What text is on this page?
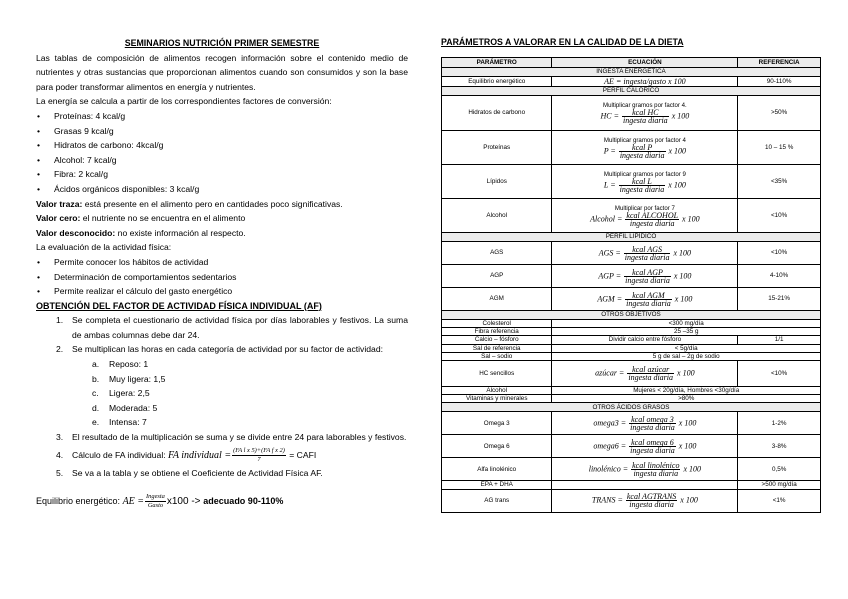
SEMINARIOS NUTRICIÓN PRIMER SEMESTRE
Las tablas de composición de alimentos recogen información sobre el contenido medio de nutrientes y otras sustancias que proporcionan alimentos cuando son consumidos y son la base para poder transformar alimentos en energía y nutrientes.
La energía se calcula a partir de los correspondientes factores de conversión:
• Proteínas: 4 kcal/g
• Grasas 9 kcal/g
• Hidratos de carbono: 4kcal/g
• Alcohol: 7 kcal/g
• Fibra: 2 kcal/g
• Ácidos orgánicos disponibles: 3 kcal/g
Valor traza: está presente en el alimento pero en cantidades poco significativas.
Valor cero: el nutriente no se encuentra en el alimento
Valor desconocido: no existe información al respecto.
La evaluación de la actividad física:
• Permite conocer los hábitos de actividad
• Determinación de comportamientos sedentarios
• Permite realizar el cálculo del gasto energético
OBTENCIÓN DEL FACTOR DE ACTIVIDAD FÍSICA INDIVIDUAL (AF)
1. Se completa el cuestionario de actividad física por días laborables y festivos. La suma de ambas columnas debe dar 24.
2. Se multiplican las horas en cada categoría de actividad por su factor de actividad:
a. Reposo: 1
b. Muy ligera: 1,5
c. Ligera: 2,5
d. Moderada: 5
e. Intensa: 7
3. El resultado de la multiplicación se suma y se divide entre 24 para laborables y festivos.
4. Cálculo de FA individual: FA individual = $\frac{\text{(FA l x 5)+(FA f x 2)}}{7}$ = CAFI
5. Se va a la tabla y se obtiene el Coeficiente de Actividad Física AF.
Equilibrio energético: AE = $\frac{\text{Ingesta}}{\text{Gasto}} x100$ -> adecuado 90-110%
PARÁMETROS A VALORAR EN LA CALIDAD DE LA DIETA
PARÁMETRO	ECUACIÓN	REFERENCIA
INGESTA ENERGÉTICA		
Equilibrio energético	AE = ingesta/gasto x 100	90-110%
PERFIL CALÓRICO		
Hidratos de carbono	Multiplicar gramos por factor 4.
HC = $\frac{\text{kcal HC}}{\text{ingesta diaria}}$ x 100	>50%
Proteínas	Multiplicar gramos por factor 4
$P = \frac{\text{kcal P}}{\text{ingesta diaria}}$ x 100	10 – 15 %
Lípidos	Multiplicar gramos por factor 9
$L = \frac{\text{kcal L}}{\text{ingesta diaria}}$ x 100	<35%
Alcohol	Multiplicar por factor 7
Alcohol = $\frac{\text{kcal ALCOHOL}}{\text{ingesta diaria}}$ x 100	<10%
PERFIL LIPÍDICO		
AGS	AGS = $\frac{\text{kcal AGS}}{\text{ingesta diaria}}$ x 100	<10%
AGP	AGP = $\frac{\text{kcal AGP}}{\text{ingesta diaria}}$ x 100	4-10%
AGM	AGM = $\frac{\text{kcal AGM}}{\text{ingesta diaria}}$ x 100	15-21%
OTROS OBJETIVOS		
Colesterol	<300 mg/día	
Fibra referencia	25 –35 g	
Calcio – fósforo	Dividir calcio entre fósforo	1/1
Sal de referencia	< 5g/día	
Sal – sodio	5 g de sal – 2g de sodio	
HC sencillos	azúcar = $\frac{\text{kcal azúcar}}{\text{ingesta diaria}}$ x 100	<10%
Alcohol	Mujeres < 20g/día, Hombres <30g/día	
Vitaminas y minerales	>80%	
OTROS ÁCIDOS GRASOS		
Omega 3	omega3 = $\frac{\text{kcal omega 3}}{\text{ingesta diaria}}$ x 100	1-2%
Omega 6	omega6 = $\frac{\text{kcal omega 6}}{\text{ingesta diaria}}$ x 100	3-8%
Alfa linolénico	linolénico = $\frac{\text{kcal linolénico}}{\text{ingesta diaria}}$ x 100	0,5%
EPA + DHA		>500 mg/día
AG trans	TRANS = $\frac{\text{kcal AGTRANS}}{\text{ingesta diaria}}$ x 100	<1%
